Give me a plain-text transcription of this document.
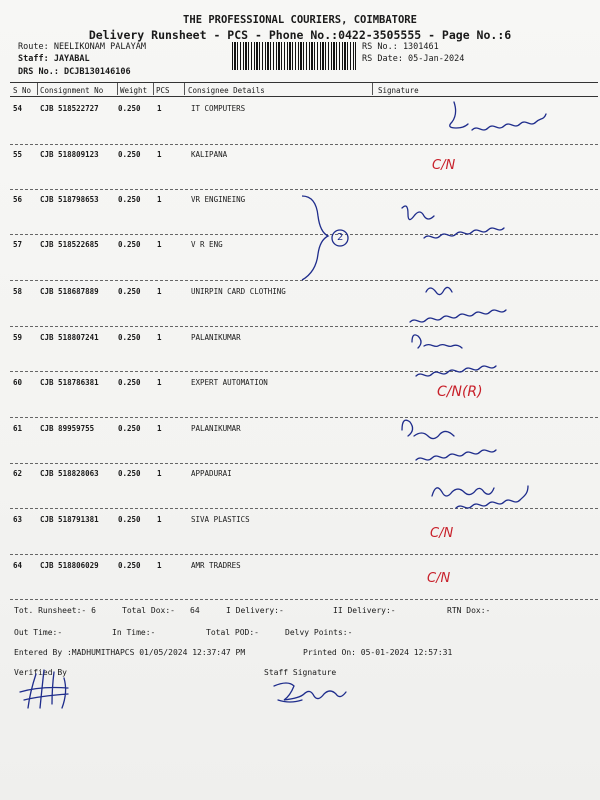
THE PROFESSIONAL COURIERS, COIMBATORE
Delivery Runsheet - PCS - Phone No.:0422-3505555 - Page No.:6
Route: NEELIKONAM PALAYAM
Staff: JAYABAL
DRS No.: DCJB130146106
RS No.: 1301461
RS Date: 05-Jan-2024
S No Consignment No Weight PCS Consignee Details	Signature
54 CJB 518522727	0.250 1	IT COMPUTERS
55 CJB 518809123	0.250 1	KALIPANA
56 CJB 518798653	0.250 1	VR ENGINEING
57 CJB 518522685	0.250 1	V R ENG
58 CJB 518687889	0.250 1	UNIRPIN CARD CLOTHING
59 CJB 518807241	0.250 1	PALANIKUMAR
60 CJB 518786381	0.250 1	EXPERT AUTOMATION
61 CJB 89959755	0.250 1	PALANIKUMAR
62 CJB 518828063	0.250 1	APPADURAI
63 CJB 518791381	0.250 1	SIVA PLASTICS
64 CJB 518806029	0.250 1	AMR TRADRES
C/N
C/N(R)
C/N
C/N
2
Tot. Runsheet:- 6	Total Dox:- 64	I Delivery:-	II Delivery:-	RTN Dox:-
Out Time:-	In Time:-	Total POD:-	Delvy Points:-
Entered By :MADHUMITHAPCS 01/05/2024 12:37:47 PM	Printed On: 05-01-2024 12:57:31
Verified By	Staff Signature
